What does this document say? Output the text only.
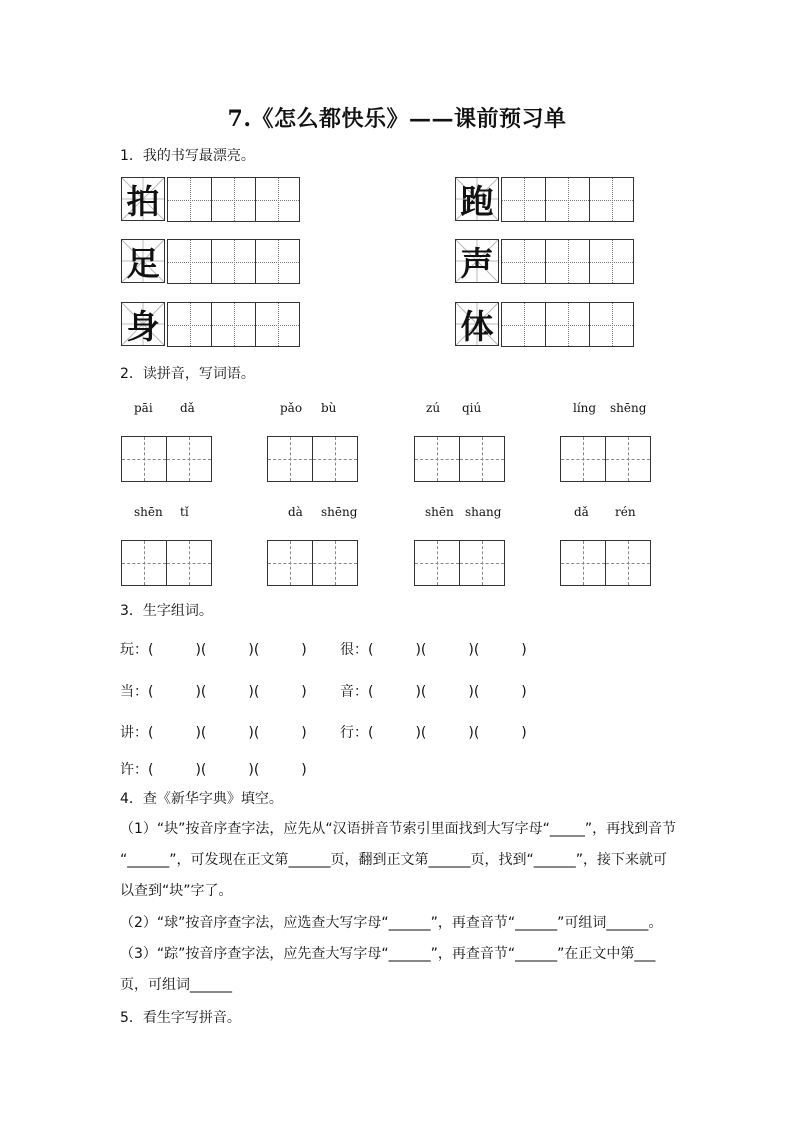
7.《怎么都快乐》——课前预习单
1．我的书写最漂亮。
拍	跑
足	声
身	体
2．读拼音，写词语。
pāi dǎ	pǎo bù	zú qiú	líng shēng
shēn tǐ	dà shēng	shēn shang	dǎ rén
3．生字组词。
玩：(　　　)(　　　)(　　　) 很：(　　　)(　　　)(　　　)
当：(　　　)(　　　)(　　　) 音：(　　　)(　　　)(　　　)
讲：(　　　)(　　　)(　　　) 行：(　　　)(　　　)(　　　)
许：(　　　)(　　　)(　　　)
4．查《新华字典》填空。
（1）“块”按音序查字法，应先从“汉语拼音节索引里面找到大写字母“_____”，再找到音节
“______”，可发现在正文第______页，翻到正文第______页，找到“______”，接下来就可
以查到“块”字了。
（2）“球”按音序查字法，应选查大写字母“______”，再查音节“______”可组词______。
（3）“踪”按音序查字法，应先查大写字母“______”，再查音节“______”在正文中第___
页，可组词______
5．看生字写拼音。
